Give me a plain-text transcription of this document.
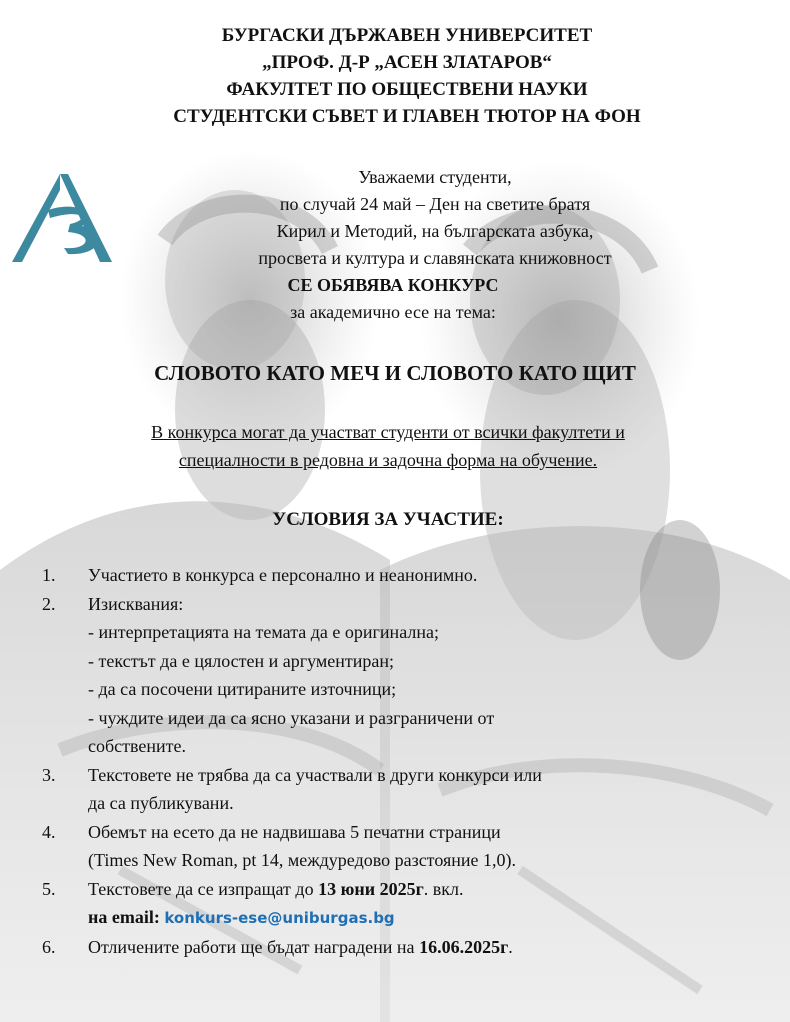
БУРГАСКИ ДЪРЖАВЕН УНИВЕРСИТЕТ
„ПРОФ. Д-Р „АСЕН ЗЛАТАРОВ“
ФАКУЛТЕТ ПО ОБЩЕСТВЕНИ НАУКИ
СТУДЕНТСКИ СЪВЕТ И ГЛАВЕН ТЮТОР НА ФОН
Уважаеми студенти,
по случай 24 май – Ден на светите братя
Кирил и Методий, на българската азбука,
просвета и култура и славянската книжовност
СЕ ОБЯВЯВА КОНКУРС
за академично есе на тема:
СЛОВОТО КАТО МЕЧ И СЛОВОТО КАТО ЩИТ
В конкурса могат да участват студенти от всички факултети и
специалности в редовна и задочна форма на обучение.
УСЛОВИЯ ЗА УЧАСТИЕ:
1. Участието в конкурса е персонално и неанонимно.
2. Изисквания:
- интерпретацията на темата да е оригинална;
- текстът да е цялостен и аргументиран;
- да са посочени цитираните източници;
- чуждите идеи да са ясно указани и разграничени от
собствените.
3. Текстовете не трябва да са участвали в други конкурси или
да са публикувани.
4. Обемът на есето да не надвишава 5 печатни страници
(Times New Roman, pt 14, междуредово разстояние 1,0).
5. Текстовете да се изпращат до 13 юни 2025г. вкл.
на email: konkurs-ese@uniburgas.bg
6. Отличените работи ще бъдат наградени на 16.06.2025г.
